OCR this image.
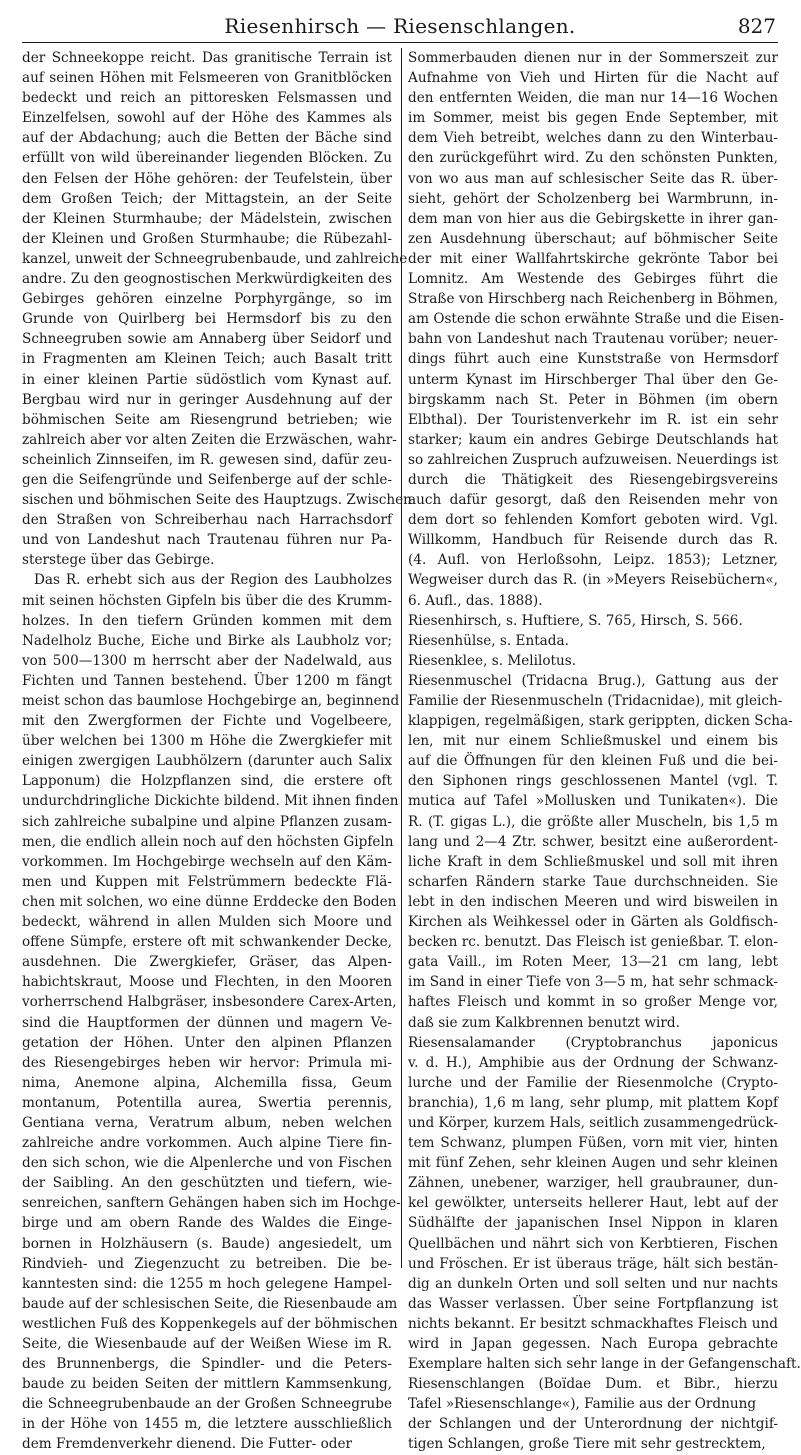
Riesenhirsch — Riesenschlangen.	827
der Schneekoppe reicht. Das granitische Terrain ist
auf seinen Höhen mit Felsmeeren von Granitblöcken
bedeckt und reich an pittoresken Felsmassen und
Einzelfelsen, sowohl auf der Höhe des Kammes als
auf der Abdachung; auch die Betten der Bäche sind
erfüllt von wild übereinander liegenden Blöcken. Zu
den Felsen der Höhe gehören: der Teufelstein, über
dem Großen Teich; der Mittagstein, an der Seite
der Kleinen Sturmhaube; der Mädelstein, zwischen
der Kleinen und Großen Sturmhaube; die Rübezahl-
kanzel, unweit der Schneegrubenbaude, und zahlreiche
andre. Zu den geognostischen Merkwürdigkeiten des
Gebirges gehören einzelne Porphyrgänge, so im
Grunde von Quirlberg bei Hermsdorf bis zu den
Schneegruben sowie am Annaberg über Seidorf und
in Fragmenten am Kleinen Teich; auch Basalt tritt
in einer kleinen Partie südöstlich vom Kynast auf.
Bergbau wird nur in geringer Ausdehnung auf der
böhmischen Seite am Riesengrund betrieben; wie
zahlreich aber vor alten Zeiten die Erzwäschen, wahr-
scheinlich Zinnseifen, im R. gewesen sind, dafür zeu-
gen die Seifengründe und Seifenberge auf der schle-
sischen und böhmischen Seite des Hauptzugs. Zwischen
den Straßen von Schreiberhau nach Harrachsdorf
und von Landeshut nach Trautenau führen nur Pa-
sterstege über das Gebirge.
Das R. erhebt sich aus der Region des Laubholzes
mit seinen höchsten Gipfeln bis über die des Krumm-
holzes. In den tiefern Gründen kommen mit dem
Nadelholz Buche, Eiche und Birke als Laubholz vor;
von 500—1300 m herrscht aber der Nadelwald, aus
Fichten und Tannen bestehend. Über 1200 m fängt
meist schon das baumlose Hochgebirge an, beginnend
mit den Zwergformen der Fichte und Vogelbeere,
über welchen bei 1300 m Höhe die Zwergkiefer mit
einigen zwergigen Laubhölzern (darunter auch Salix
Lapponum) die Holzpflanzen sind, die erstere oft
undurchdringliche Dickichte bildend. Mit ihnen finden
sich zahlreiche subalpine und alpine Pflanzen zusam-
men, die endlich allein noch auf den höchsten Gipfeln
vorkommen. Im Hochgebirge wechseln auf den Käm-
men und Kuppen mit Felstrümmern bedeckte Flä-
chen mit solchen, wo eine dünne Erddecke den Boden
bedeckt, während in allen Mulden sich Moore und
offene Sümpfe, erstere oft mit schwankender Decke,
ausdehnen. Die Zwergkiefer, Gräser, das Alpen-
habichtskraut, Moose und Flechten, in den Mooren
vorherrschend Halbgräser, insbesondere Carex-Arten,
sind die Hauptformen der dünnen und magern Ve-
getation der Höhen. Unter den alpinen Pflanzen
des Riesengebirges heben wir hervor: Primula mi-
nima, Anemone alpina, Alchemilla fissa, Geum
montanum, Potentilla aurea, Swertia perennis,
Gentiana verna, Veratrum album, neben welchen
zahlreiche andre vorkommen. Auch alpine Tiere fin-
den sich schon, wie die Alpenlerche und von Fischen
der Saibling. An den geschützten und tiefern, wie-
senreichen, sanftern Gehängen haben sich im Hochge-
birge und am obern Rande des Waldes die Einge-
bornen in Holzhäusern (s. Baude) angesiedelt, um
Rindvieh- und Ziegenzucht zu betreiben. Die be-
kanntesten sind: die 1255 m hoch gelegene Hampel-
baude auf der schlesischen Seite, die Riesenbaude am
westlichen Fuß des Koppenkegels auf der böhmischen
Seite, die Wiesenbaude auf der Weißen Wiese im R.
des Brunnenbergs, die Spindler- und die Peters-
baude zu beiden Seiten der mittlern Kammsenkung,
die Schneegrubenbaude an der Großen Schneegrube
in der Höhe von 1455 m, die letztere ausschließlich
dem Fremdenverkehr dienend. Die Futter- oder
Sommerbauden dienen nur in der Sommerszeit zur
Aufnahme von Vieh und Hirten für die Nacht auf
den entfernten Weiden, die man nur 14—16 Wochen
im Sommer, meist bis gegen Ende September, mit
dem Vieh betreibt, welches dann zu den Winterbau-
den zurückgeführt wird. Zu den schönsten Punkten,
von wo aus man auf schlesischer Seite das R. über-
sieht, gehört der Scholzenberg bei Warmbrunn, in-
dem man von hier aus die Gebirgskette in ihrer gan-
zen Ausdehnung überschaut; auf böhmischer Seite
der mit einer Wallfahrtskirche gekrönte Tabor bei
Lomnitz. Am Westende des Gebirges führt die
Straße von Hirschberg nach Reichenberg in Böhmen,
am Ostende die schon erwähnte Straße und die Eisen-
bahn von Landeshut nach Trautenau vorüber; neuer-
dings führt auch eine Kunststraße von Hermsdorf
unterm Kynast im Hirschberger Thal über den Ge-
birgskamm nach St. Peter in Böhmen (im obern
Elbthal). Der Touristenverkehr im R. ist ein sehr
starker; kaum ein andres Gebirge Deutschlands hat
so zahlreichen Zuspruch aufzuweisen. Neuerdings ist
durch die Thätigkeit des Riesengebirgsvereins
auch dafür gesorgt, daß den Reisenden mehr von
dem dort so fehlenden Komfort geboten wird. Vgl.
Willkomm, Handbuch für Reisende durch das R.
(4. Aufl. von Herloßsohn, Leipz. 1853); Letzner,
Wegweiser durch das R. (in »Meyers Reisebüchern«,
6. Aufl., das. 1888).
Riesenhirsch, s. Huftiere, S. 765, Hirsch, S. 566.
Riesenhülse, s. Entada.
Riesenklee, s. Melilotus.
Riesenmuschel (Tridacna Brug.), Gattung aus der
Familie der Riesenmuscheln (Tridacnidae), mit gleich-
klappigen, regelmäßigen, stark gerippten, dicken Scha-
len, mit nur einem Schließmuskel und einem bis
auf die Öffnungen für den kleinen Fuß und die bei-
den Siphonen rings geschlossenen Mantel (vgl. T.
mutica auf Tafel »Mollusken und Tunikaten«). Die
R. (T. gigas L.), die größte aller Muscheln, bis 1,5 m
lang und 2—4 Ztr. schwer, besitzt eine außerordent-
liche Kraft in dem Schließmuskel und soll mit ihren
scharfen Rändern starke Taue durchschneiden. Sie
lebt in den indischen Meeren und wird bisweilen in
Kirchen als Weihkessel oder in Gärten als Goldfisch-
becken rc. benutzt. Das Fleisch ist genießbar. T. elon-
gata Vaill., im Roten Meer, 13—21 cm lang, lebt
im Sand in einer Tiefe von 3—5 m, hat sehr schmack-
haftes Fleisch und kommt in so großer Menge vor,
daß sie zum Kalkbrennen benutzt wird.
Riesensalamander (Cryptobranchus japonicus
v. d. H.), Amphibie aus der Ordnung der Schwanz-
lurche und der Familie der Riesenmolche (Crypto-
branchia), 1,6 m lang, sehr plump, mit plattem Kopf
und Körper, kurzem Hals, seitlich zusammengedrück-
tem Schwanz, plumpen Füßen, vorn mit vier, hinten
mit fünf Zehen, sehr kleinen Augen und sehr kleinen
Zähnen, unebener, warziger, hell graubrauner, dun-
kel gewölkter, unterseits hellerer Haut, lebt auf der
Südhälfte der japanischen Insel Nippon in klaren
Quellbächen und nährt sich von Kerbtieren, Fischen
und Fröschen. Er ist überaus träge, hält sich bestän-
dig an dunkeln Orten und soll selten und nur nachts
das Wasser verlassen. Über seine Fortpflanzung ist
nichts bekannt. Er besitzt schmackhaftes Fleisch und
wird in Japan gegessen. Nach Europa gebrachte
Exemplare halten sich sehr lange in der Gefangenschaft.
Riesenschlangen (Boïdae Dum. et Bibr., hierzu
Tafel »Riesenschlange«), Familie aus der Ordnung
der Schlangen und der Unterordnung der nichtgif-
tigen Schlangen, große Tiere mit sehr gestrecktem,
